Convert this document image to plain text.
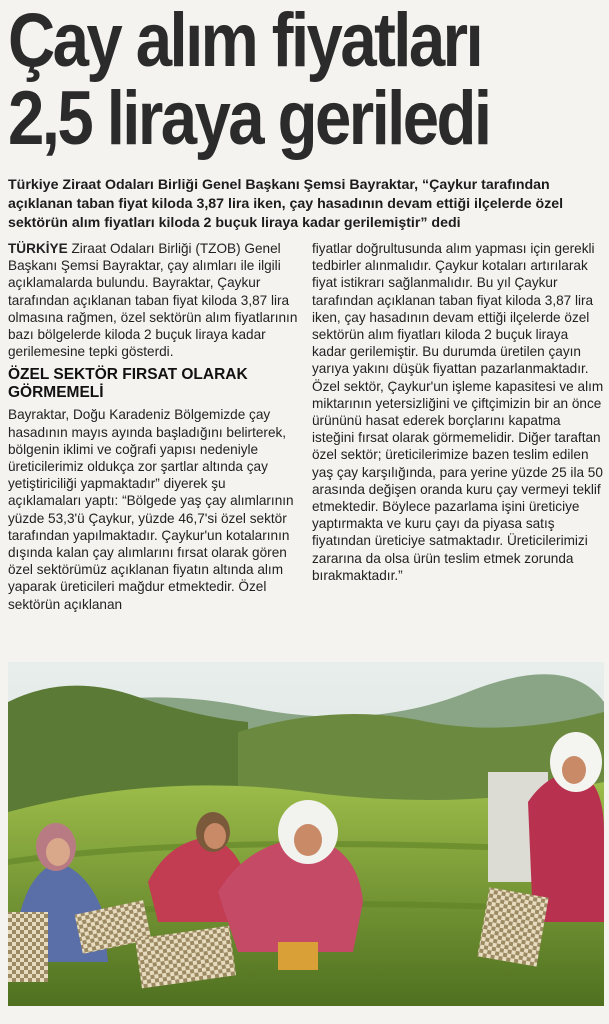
Çay alım fiyatları
2,5 liraya geriledi
Türkiye Ziraat Odaları Birliği Genel Başkanı Şemsi Bayraktar, “Çaykur tarafından açıklanan taban fiyat kiloda 3,87 lira iken, çay hasadının devam ettiği ilçelerde özel sektörün alım fiyatları kiloda 2 buçuk liraya kadar gerilemiştir” dedi

TÜRKİYE Ziraat Odaları Birliği (TZOB) Genel Başkanı Şemsi Bayraktar, çay alımları ile ilgili açıklamalarda bulundu. Bayraktar, Çaykur tarafından açıklanan taban fiyat kiloda 3,87 lira olmasına rağmen, özel sektörün alım fiyatlarının bazı bölgelerde kiloda 2 buçuk liraya kadar gerilemesine tepki gösterdi.

ÖZEL SEKTÖR FIRSAT OLARAK GÖRMEMELİ

Bayraktar, Doğu Karadeniz Bölgemizde çay hasadının mayıs ayında başladığını belirterek, bölgenin iklimi ve coğrafi yapısı nedeniyle üreticilerimiz oldukça zor şartlar altında çay yetiştiriciliği yapmaktadır” diyerek şu açıklamaları yaptı: “Bölgede yaş çay alımlarının yüzde 53,3'ü Çaykur, yüzde 46,7'si özel sektör tarafından yapılmaktadır. Çaykur'un kotalarının dışında kalan çay alımlarını fırsat olarak gören özel sektörümüz açıklanan fiyatın altında alım yaparak üreticileri mağdur etmektedir. Özel sektörün açıklanan

fiyatlar doğrultusunda alım yapması için gerekli tedbirler alınmalıdır. Çaykur kotaları artırılarak fiyat istikrarı sağlanmalıdır. Bu yıl Çaykur tarafından açıklanan taban fiyat kiloda 3,87 lira iken, çay hasadının devam ettiği ilçelerde özel sektörün alım fiyatları kiloda 2 buçuk liraya kadar gerilemiştir. Bu durumda üretilen çayın yarıya yakını düşük fiyattan pazarlanmaktadır. Özel sektör, Çaykur'un işleme kapasitesi ve alım miktarının yetersizliğini ve çiftçimizin bir an önce ürününü hasat ederek borçlarını kapatma isteğini fırsat olarak görmemelidir. Diğer taraftan özel sektör; üreticilerimize bazen teslim edilen yaş çay karşılığında, para yerine yüzde 25 ila 50 arasında değişen oranda kuru çay vermeyi teklif etmektedir. Böylece pazarlama işini üreticiye yaptırmakta ve kuru çayı da piyasa satış fiyatından üreticiye satmaktadır. Üreticilerimizi zararına da olsa ürün teslim etmek zorunda bırakmaktadır.”
